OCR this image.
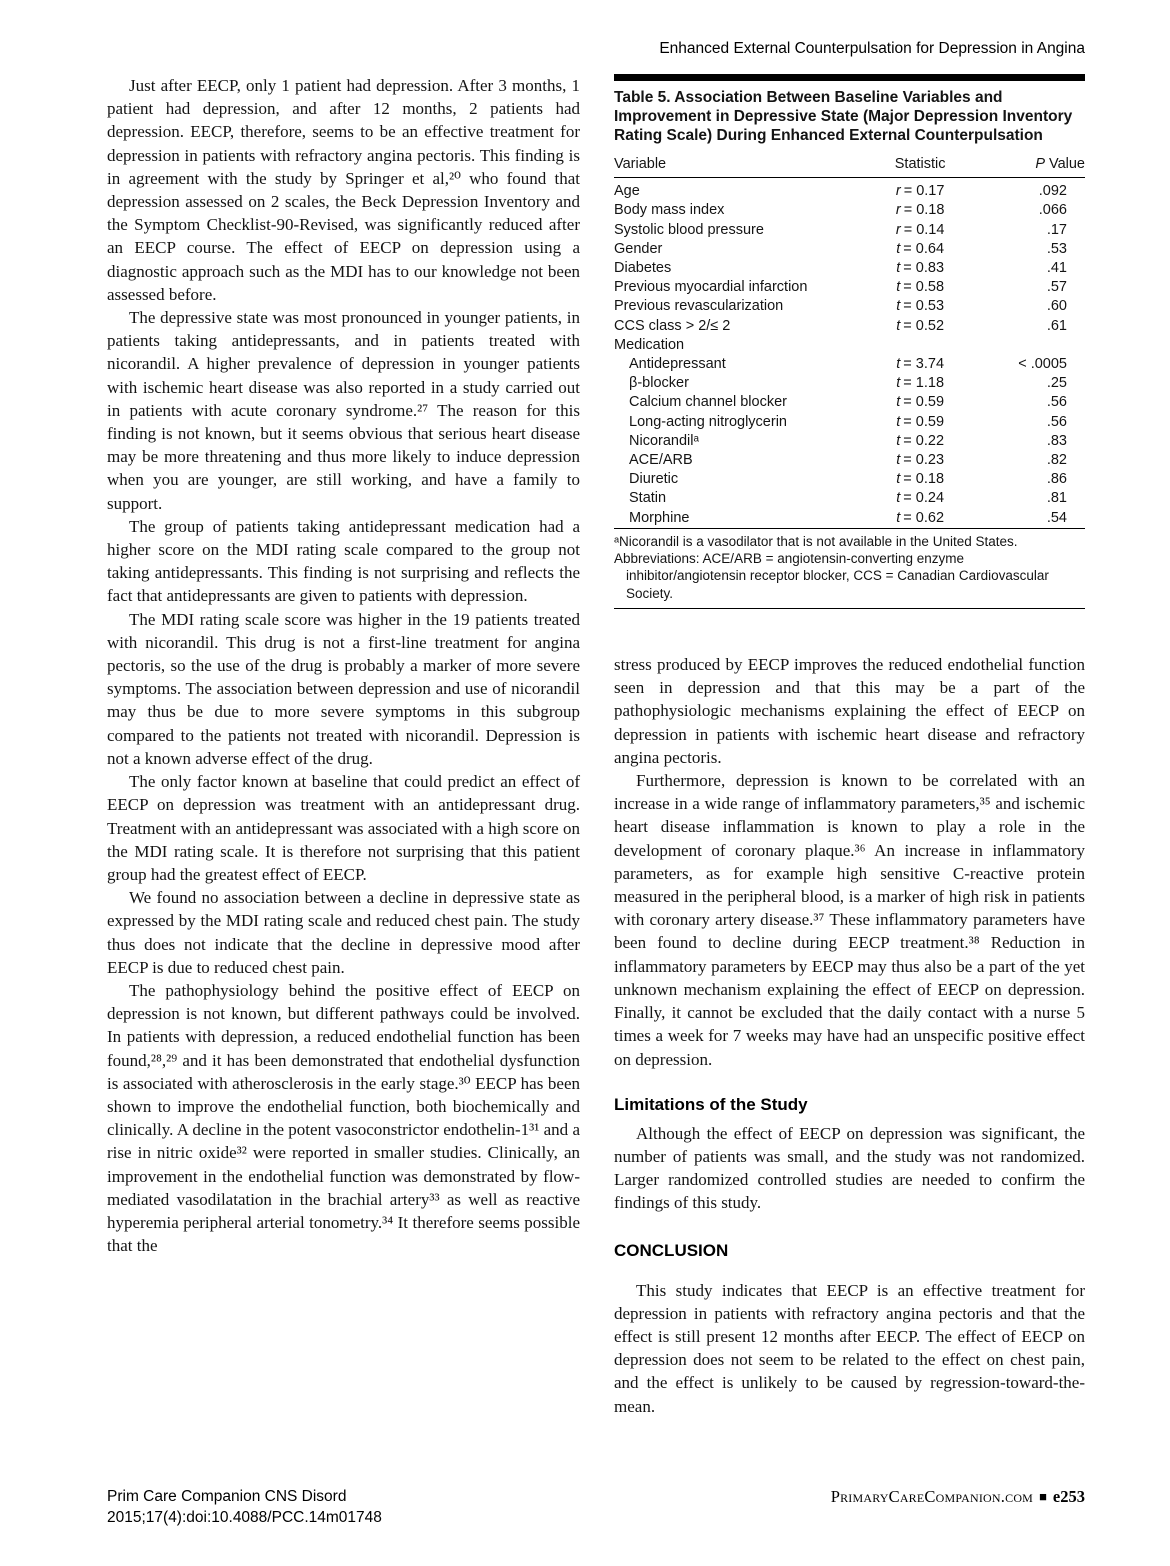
Enhanced External Counterpulsation for Depression in Angina

Just after EECP, only 1 patient had depression. After 3 months, 1 patient had depression, and after 12 months, 2 patients had depression. EECP, therefore, seems to be an effective treatment for depression in patients with refractory angina pectoris. This finding is in agreement with the study by Springer et al,²⁰ who found that depression assessed on 2 scales, the Beck Depression Inventory and the Symptom Checklist-90-Revised, was significantly reduced after an EECP course. The effect of EECP on depression using a diagnostic approach such as the MDI has to our knowledge not been assessed before.

The depressive state was most pronounced in younger patients, in patients taking antidepressants, and in patients treated with nicorandil. A higher prevalence of depression in younger patients with ischemic heart disease was also reported in a study carried out in patients with acute coronary syndrome.²⁷ The reason for this finding is not known, but it seems obvious that serious heart disease may be more threatening and thus more likely to induce depression when you are younger, are still working, and have a family to support.

The group of patients taking antidepressant medication had a higher score on the MDI rating scale compared to the group not taking antidepressants. This finding is not surprising and reflects the fact that antidepressants are given to patients with depression.

The MDI rating scale score was higher in the 19 patients treated with nicorandil. This drug is not a first-line treatment for angina pectoris, so the use of the drug is probably a marker of more severe symptoms. The association between depression and use of nicorandil may thus be due to more severe symptoms in this subgroup compared to the patients not treated with nicorandil. Depression is not a known adverse effect of the drug.

The only factor known at baseline that could predict an effect of EECP on depression was treatment with an antidepressant drug. Treatment with an antidepressant was associated with a high score on the MDI rating scale. It is therefore not surprising that this patient group had the greatest effect of EECP.

We found no association between a decline in depressive state as expressed by the MDI rating scale and reduced chest pain. The study thus does not indicate that the decline in depressive mood after EECP is due to reduced chest pain.

The pathophysiology behind the positive effect of EECP on depression is not known, but different pathways could be involved. In patients with depression, a reduced endothelial function has been found,²⁸,²⁹ and it has been demonstrated that endothelial dysfunction is associated with atherosclerosis in the early stage.³⁰ EECP has been shown to improve the endothelial function, both biochemically and clinically. A decline in the potent vasoconstrictor endothelin-1³¹ and a rise in nitric oxide³² were reported in smaller studies. Clinically, an improvement in the endothelial function was demonstrated by flow-mediated vasodilatation in the brachial artery³³ as well as reactive hyperemia peripheral arterial tonometry.³⁴ It therefore seems possible that the

Table 5. Association Between Baseline Variables and Improvement in Depressive State (Major Depression Inventory Rating Scale) During Enhanced External Counterpulsation
Variable	Statistic	P Value
Age	r = 0.17	.092
Body mass index	r = 0.18	.066
Systolic blood pressure	r = 0.14	.17
Gender	t = 0.64	.53
Diabetes	t = 0.83	.41
Previous myocardial infarction	t = 0.58	.57
Previous revascularization	t = 0.53	.60
CCS class > 2/≤ 2	t = 0.52	.61
Medication		
Antidepressant	t = 3.74	< .0005
β-blocker	t = 1.18	.25
Calcium channel blocker	t = 0.59	.56
Long-acting nitroglycerin	t = 0.59	.56
Nicorandilᵃ	t = 0.22	.83
ACE/ARB	t = 0.23	.82
Diuretic	t = 0.18	.86
Statin	t = 0.24	.81
Morphine	t = 0.62	.54
ᵃNicorandil is a vasodilator that is not available in the United States.
Abbreviations: ACE/ARB = angiotensin-converting enzyme inhibitor/angiotensin receptor blocker, CCS = Canadian Cardiovascular Society.

stress produced by EECP improves the reduced endothelial function seen in depression and that this may be a part of the pathophysiologic mechanisms explaining the effect of EECP on depression in patients with ischemic heart disease and refractory angina pectoris.

Furthermore, depression is known to be correlated with an increase in a wide range of inflammatory parameters,³⁵ and ischemic heart disease inflammation is known to play a role in the development of coronary plaque.³⁶ An increase in inflammatory parameters, as for example high sensitive C-reactive protein measured in the peripheral blood, is a marker of high risk in patients with coronary artery disease.³⁷ These inflammatory parameters have been found to decline during EECP treatment.³⁸ Reduction in inflammatory parameters by EECP may thus also be a part of the yet unknown mechanism explaining the effect of EECP on depression. Finally, it cannot be excluded that the daily contact with a nurse 5 times a week for 7 weeks may have had an unspecific positive effect on depression.

Limitations of the Study

Although the effect of EECP on depression was significant, the number of patients was small, and the study was not randomized. Larger randomized controlled studies are needed to confirm the findings of this study.

CONCLUSION

This study indicates that EECP is an effective treatment for depression in patients with refractory angina pectoris and that the effect is still present 12 months after EECP. The effect of EECP on depression does not seem to be related to the effect on chest pain, and the effect is unlikely to be caused by regression-toward-the-mean.

Prim Care Companion CNS Disord
2015;17(4):doi:10.4088/PCC.14m01748
PrimaryCareCompanion.com ■ e253
